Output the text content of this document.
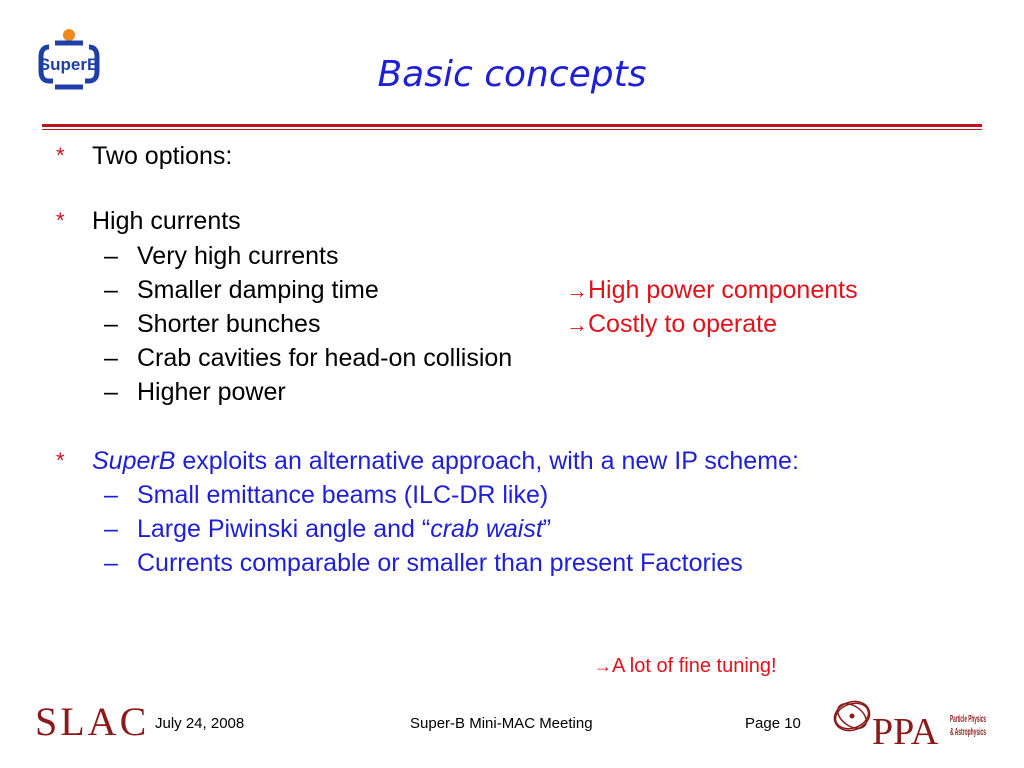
SuperB	Basic concepts
* Two options:
* High currents
– Very high currents
– Smaller damping time
– Shorter bunches
– Crab cavities for head-on collision
– Higher power
→High power components
→Costly to operate
* SuperB exploits an alternative approach, with a new IP scheme:
– Small emittance beams (ILC-DR like)
– Large Piwinski angle and “crab waist”
– Currents comparable or smaller than present Factories
→A lot of fine tuning!
SLAC July 24, 2008	Super-B Mini-MAC Meeting	Page 10 PPA Particle Physics
& Astrophysics
